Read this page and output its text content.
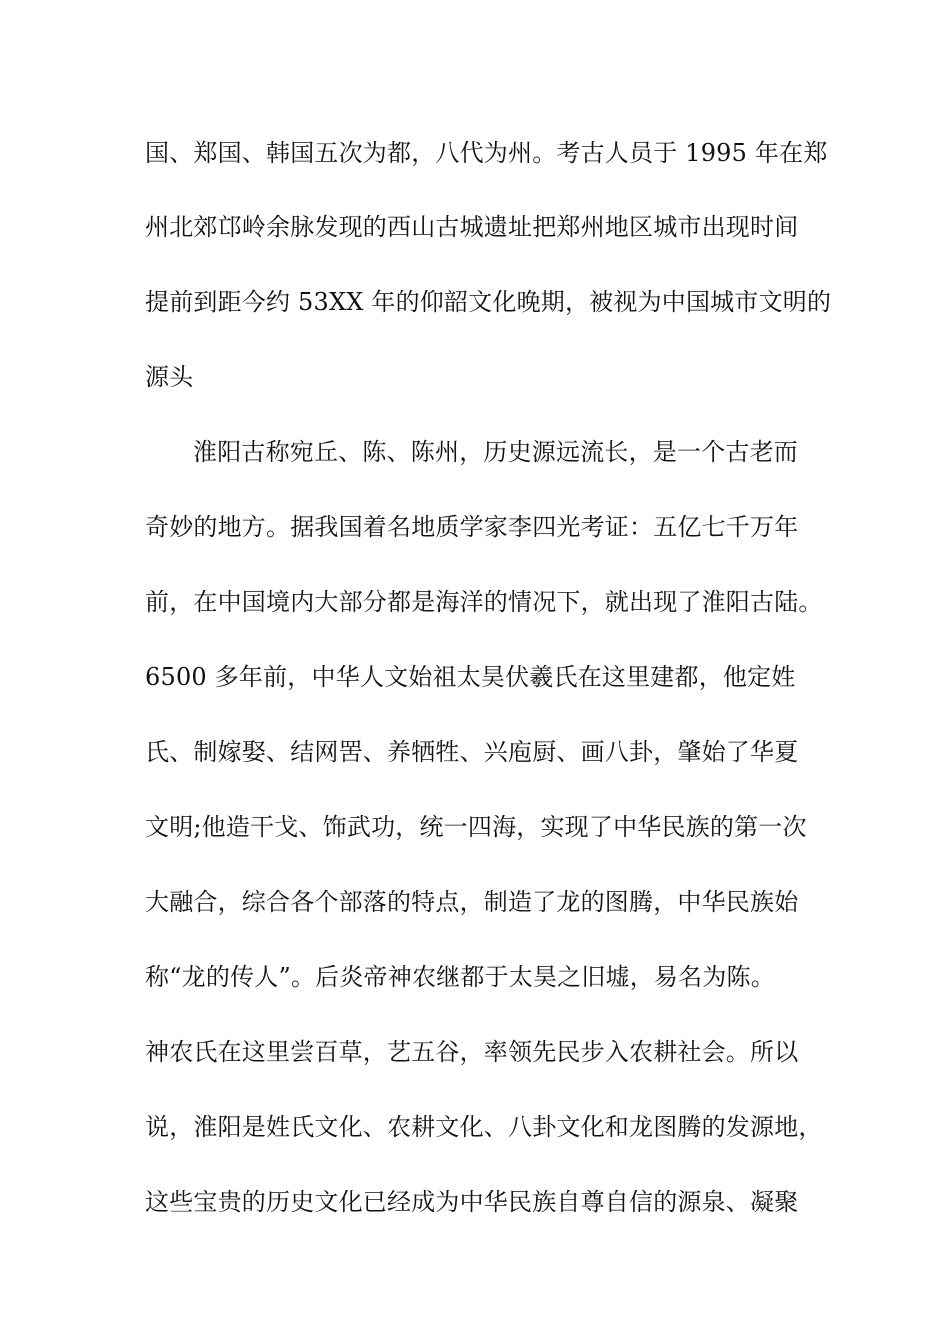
国、郑国、韩国五次为都，八代为州。考古人员于 1995 年在郑
州北郊邙岭余脉发现的西山古城遗址把郑州地区城市出现时间
提前到距今约 53XX 年的仰韶文化晚期，被视为中国城市文明的
源头
淮阳古称宛丘、陈、陈州，历史源远流长，是一个古老而
奇妙的地方。据我国着名地质学家李四光考证：五亿七千万年
前，在中国境内大部分都是海洋的情况下，就出现了淮阳古陆。
6500 多年前，中华人文始祖太昊伏羲氏在这里建都，他定姓
氏、制嫁娶、结网罟、养牺牲、兴庖厨、画八卦，肇始了华夏
文明;他造干戈、饰武功，统一四海，实现了中华民族的第一次
大融合，综合各个部落的特点，制造了龙的图腾，中华民族始
称“龙的传人”。后炎帝神农继都于太昊之旧墟，易名为陈。
神农氏在这里尝百草，艺五谷，率领先民步入农耕社会。所以
说，淮阳是姓氏文化、农耕文化、八卦文化和龙图腾的发源地，
这些宝贵的历史文化已经成为中华民族自尊自信的源泉、凝聚
